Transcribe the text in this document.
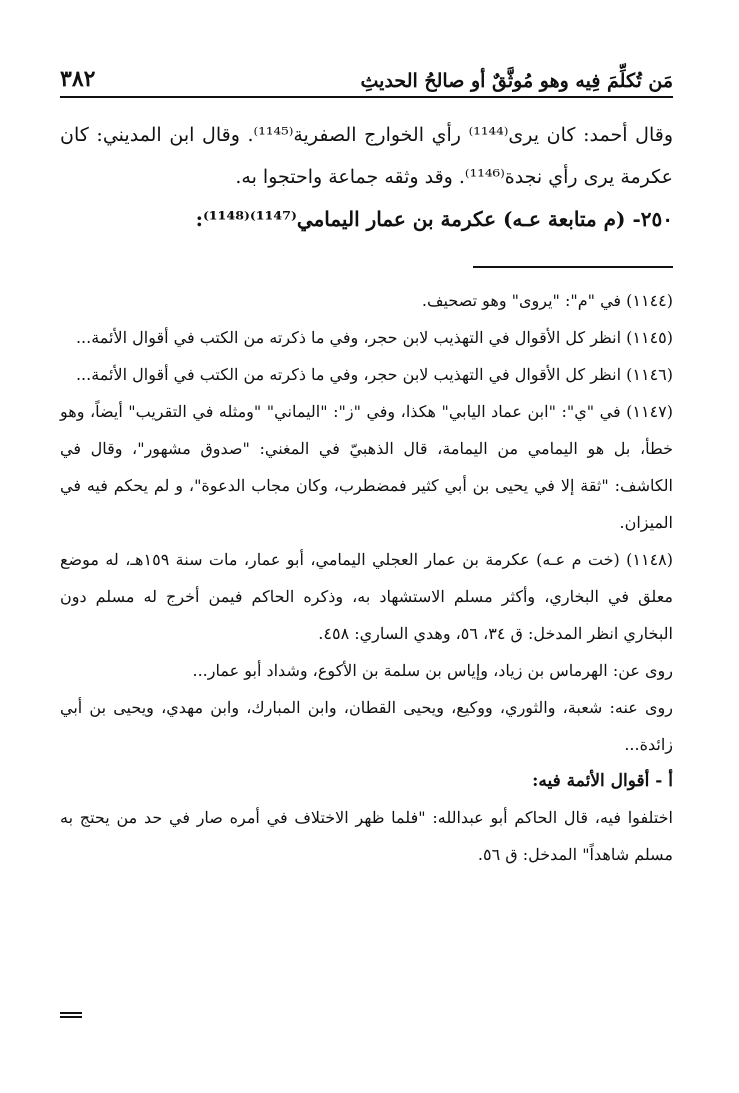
مَن تُكلِّمَ فِيه وهو مُوثَّقٌ أو صالحُ الحديثِ
٣٨٢

وقال أحمد: كان يرى⁽¹¹⁴⁴⁾ رأي الخوارج الصفرية⁽¹¹⁴⁵⁾. وقال ابن المديني: كان عكرمة يرى رأي نجدة⁽¹¹⁴⁶⁾. وقد وثقه جماعة واحتجوا به.

٢٥٠- (م متابعة عـه) عكرمة بن عمار اليمامي⁽¹¹⁴⁷⁾⁽¹¹⁴⁸⁾:

(١١٤٤) في "م": "يروى" وهو تصحيف.

(١١٤٥) انظر كل الأقوال في التهذيب لابن حجر، وفي ما ذكرته من الكتب في أقوال الأئمة...

(١١٤٦) انظر كل الأقوال في التهذيب لابن حجر، وفي ما ذكرته من الكتب في أقوال الأئمة...

(١١٤٧) في "ي": "ابن عماد اليابي" هكذا، وفي "ز": "اليماني" "ومثله في التقريب" أيضاً، وهو خطأ، بل هو اليمامي من اليمامة، قال الذهبيّ في المغني: "صدوق مشهور"، وقال في الكاشف: "ثقة إلا في يحيى بن أبي كثير فمضطرب، وكان مجاب الدعوة"، و لم يحكم فيه في الميزان.

(١١٤٨) (خت م عـه) عكرمة بن عمار العجلي اليمامي، أبو عمار، مات سنة ١٥٩هـ، له موضع معلق في البخاري، وأكثر مسلم الاستشهاد به، وذكره الحاكم فيمن أخرج له مسلم دون البخاري انظر المدخل: ق ٣٤، ٥٦، وهدي الساري: ٤٥٨.

روى عن: الهرماس بن زياد، وإياس بن سلمة بن الأكوع، وشداد أبو عمار...

روى عنه: شعبة، والثوري، ووكيع، ويحيى القطان، وابن المبارك، وابن مهدي، ويحيى بن أبي زائدة...

أ - أقوال الأئمة فيه:

اختلفوا فيه، قال الحاكم أبو عبدالله: "فلما ظهر الاختلاف في أمره صار في حد من يحتج به مسلم شاهداً" المدخل: ق ٥٦.
